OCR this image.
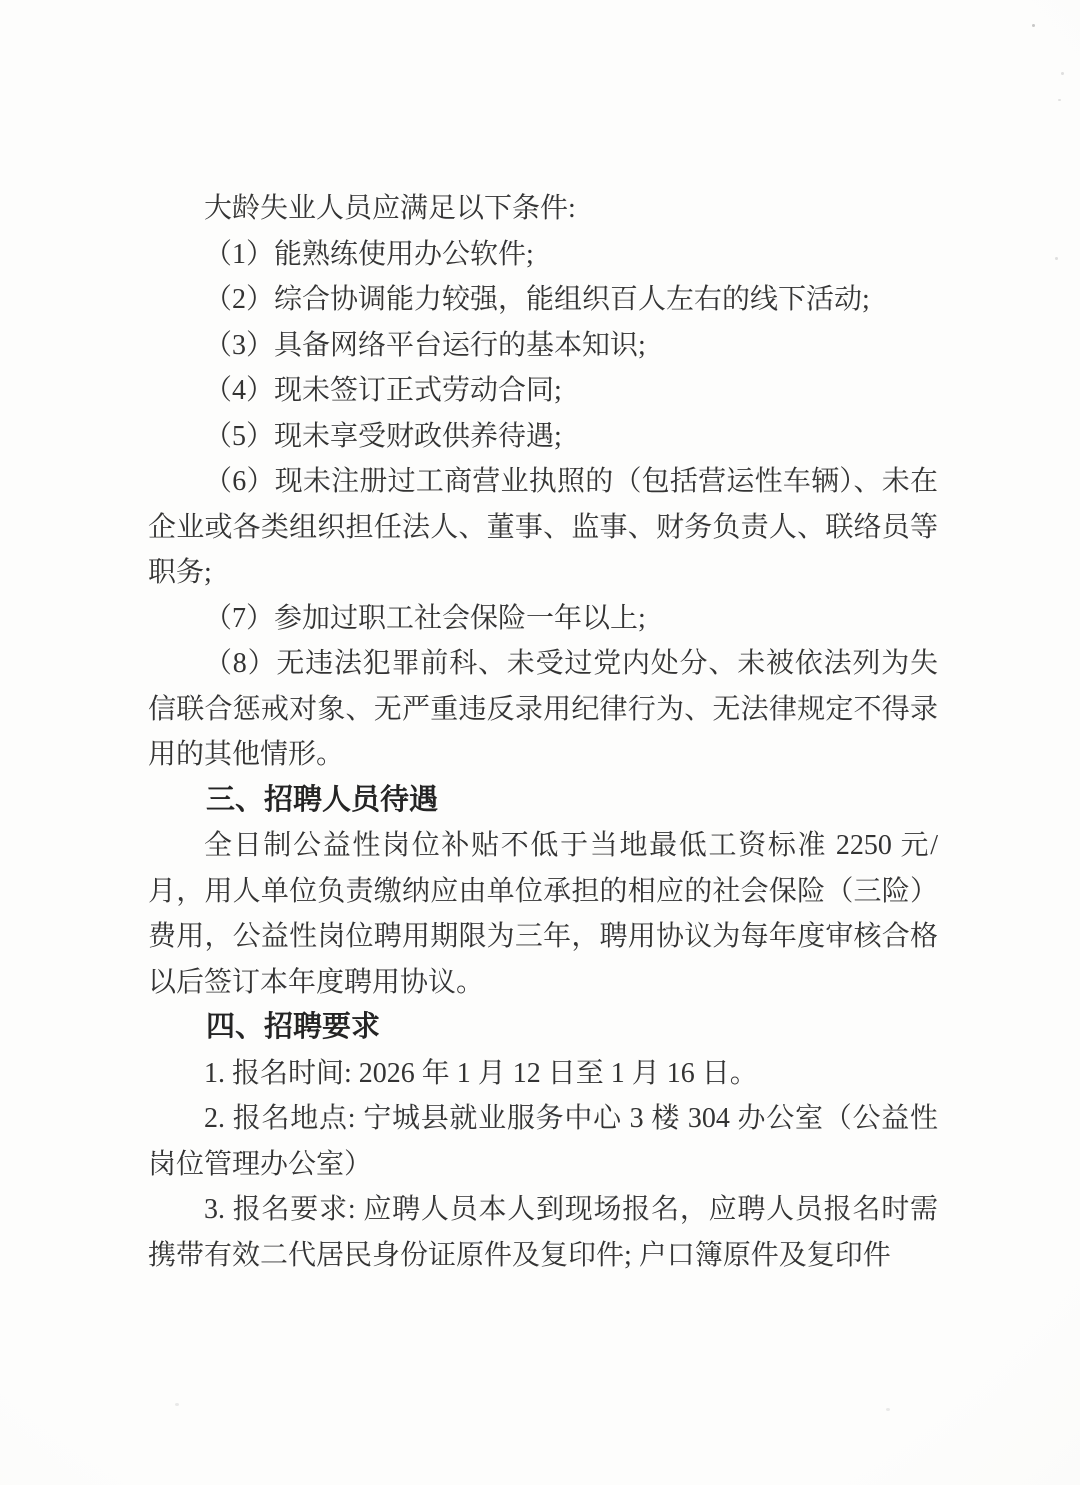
大龄失业人员应满足以下条件:

（1）能熟练使用办公软件;

（2）综合协调能力较强，能组织百人左右的线下活动;

（3）具备网络平台运行的基本知识;

（4）现未签订正式劳动合同;

（5）现未享受财政供养待遇;

（6）现未注册过工商营业执照的（包括营运性车辆）、未在企业或各类组织担任法人、董事、监事、财务负责人、联络员等职务;

（7）参加过职工社会保险一年以上;

（8）无违法犯罪前科、未受过党内处分、未被依法列为失信联合惩戒对象、无严重违反录用纪律行为、无法律规定不得录用的其他情形。

三、招聘人员待遇

全日制公益性岗位补贴不低于当地最低工资标准 2250 元/月，用人单位负责缴纳应由单位承担的相应的社会保险（三险）费用，公益性岗位聘用期限为三年，聘用协议为每年度审核合格以后签订本年度聘用协议。

四、招聘要求

1. 报名时间: 2026 年 1 月 12 日至 1 月 16 日。

2. 报名地点: 宁城县就业服务中心 3 楼 304 办公室（公益性岗位管理办公室）

3. 报名要求: 应聘人员本人到现场报名，应聘人员报名时需携带有效二代居民身份证原件及复印件; 户口簿原件及复印件
